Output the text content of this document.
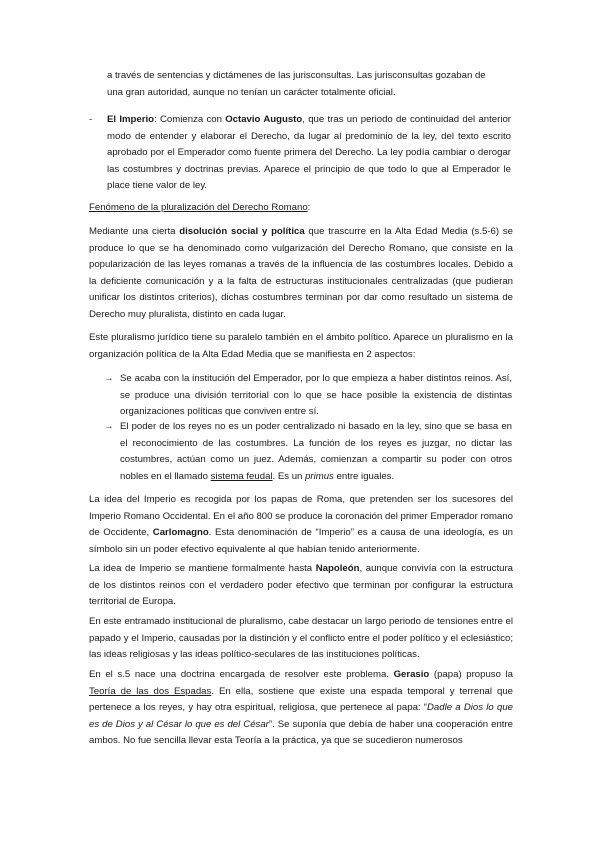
a través de sentencias y dictámenes de las jurisconsultas. Las jurisconsultas gozaban de
una gran autoridad, aunque no tenían un carácter totalmente oficial.

- El Imperio: Comienza con Octavio Augusto, que tras un periodo de continuidad del anterior modo de entender y elaborar el Derecho, da lugar al predominio de la ley, del texto escrito aprobado por el Emperador como fuente primera del Derecho. La ley podía cambiar o derogar las costumbres y doctrinas previas. Aparece el principio de que todo lo que al Emperador le place tiene valor de ley.

Fenómeno de la pluralización del Derecho Romano:

Mediante una cierta disolución social y política que trascurre en la Alta Edad Media (s.5-6) se produce lo que se ha denominado como vulgarización del Derecho Romano, que consiste en la popularización de las leyes romanas a través de la influencia de las costumbres locales. Debido a la deficiente comunicación y a la falta de estructuras institucionales centralizadas (que pudieran unificar los distintos criterios), dichas costumbres terminan por dar como resultado un sistema de Derecho muy pluralista, distinto en cada lugar.

Este pluralismo jurídico tiene su paralelo también en el ámbito político. Aparece un pluralismo en la organización política de la Alta Edad Media que se manifiesta en 2 aspectos:

→ Se acaba con la institución del Emperador, por lo que empieza a haber distintos reinos. Así, se produce una división territorial con lo que se hace posible la existencia de distintas organizaciones políticas que conviven entre sí.

→ El poder de los reyes no es un poder centralizado ni basado en la ley, sino que se basa en el reconocimiento de las costumbres. La función de los reyes es juzgar, no dictar las costumbres, actúan como un juez. Además, comienzan a compartir su poder con otros nobles en el llamado sistema feudal. Es un primus entre iguales.

La idea del Imperio es recogida por los papas de Roma, que pretenden ser los sucesores del Imperio Romano Occidental. En el año 800 se produce la coronación del primer Emperador romano de Occidente, Carlomagno. Esta denominación de “Imperio” es a causa de una ideología, es un símbolo sin un poder efectivo equivalente al que habían tenido anteriormente.

La idea de Imperio se mantiene formalmente hasta Napoleón, aunque convivía con la estructura de los distintos reinos con el verdadero poder efectivo que terminan por configurar la estructura territorial de Europa.

En este entramado institucional de pluralismo, cabe destacar un largo periodo de tensiones entre el papado y el Imperio, causadas por la distinción y el conflicto entre el poder político y el eclesiástico; las ideas religiosas y las ideas político-seculares de las instituciones políticas.

En el s.5 nace una doctrina encargada de resolver este problema. Gerasio (papa) propuso la Teoría de las dos Espadas. En ella, sostiene que existe una espada temporal y terrenal que pertenece a los reyes, y hay otra espiritual, religiosa, que pertenece al papa: “Dadle a Dios lo que es de Dios y al César lo que es del César”. Se suponía que debía de haber una cooperación entre ambos. No fue sencilla llevar esta Teoría a la práctica, ya que se sucedieron numerosos
